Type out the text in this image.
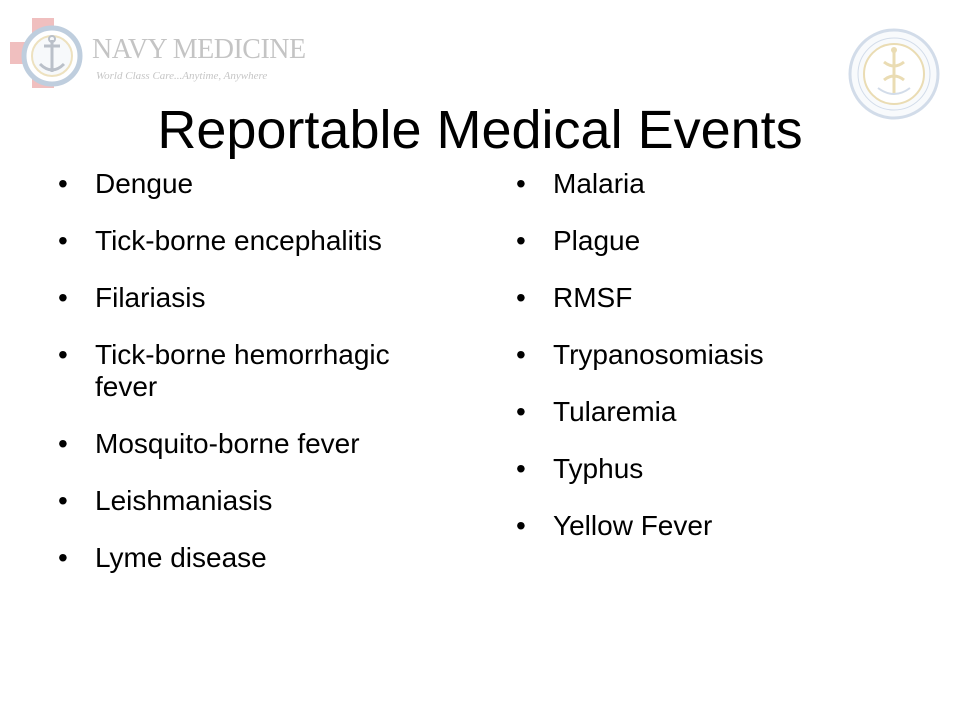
NAVY MEDICINE
World Class Care...Anytime, Anywhere
Reportable Medical Events
• Dengue
• Tick-borne encephalitis
• Filariasis
• Tick-borne hemorrhagic fever
• Mosquito-borne fever
• Leishmaniasis
• Lyme disease
• Malaria
• Plague
• RMSF
• Trypanosomiasis
• Tularemia
• Typhus
• Yellow Fever
